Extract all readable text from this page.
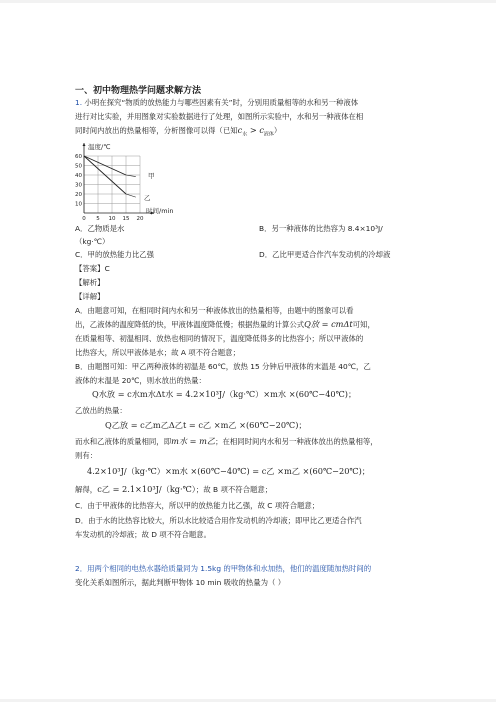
一、初中物理热学问题求解方法
1. 小明在探究“物质的放热能力与哪些因素有关”时，分别用质量相等的水和另一种液体
进行对比实验，并用图象对实验数据进行了处理，如图所示实验中，水和另一种液体在相
同时间内放出的热量相等，分析图像可以得（已知$c_水 > c_{液体}$）
60
50
40
30
20
10
0 5 10 15 20
温度/℃
时间/min
甲
乙
A．乙物质是水	B．另一种液体的比热容为 8.4×10³J/
（kg·℃）
C．甲的放热能力比乙强	D．乙比甲更适合作汽车发动机的冷却液
【答案】C
【解析】
【详解】
A．由题意可知，在相同时间内水和另一种液体放出的热量相等，由题中的图象可以看
出，乙液体的温度降低的快，甲液体温度降低慢；根据热量的计算公式Q放 = cmΔt可知，
在质量相等、初温相同、放热也相同的情况下，温度降低得多的比热容小；所以甲液体的
比热容大，所以甲液体是水；故 A 项不符合题意；
B．由题图可知：甲乙两种液体的初温是 60℃，放热 15 分钟后甲液体的末温是 40℃，乙
液体的末温是 20℃，则水放出的热量：
Q水放 = c水m水Δt水 = 4.2×10³J/（kg·℃）×m水 ×(60℃−40℃)；
乙放出的热量：
Q乙放 = c乙m乙Δ乙t = c乙 ×m乙 ×(60℃−20℃)；
而水和乙液体的质量相同，即m水 = m乙；在相同时间内水和另一种液体放出的热量相等，
则有：
4.2×10³J/（kg·℃）×m水 ×(60℃−40℃) = c乙 ×m乙 ×(60℃−20℃)；
解得，c乙 = 2.1×10³J/（kg·℃）；故 B 项不符合题意；
C．由于甲液体的比热容大，所以甲的放热能力比乙强，故 C 项符合题意；
D．由于水的比热容比较大，所以水比较适合用作发动机的冷却液；即甲比乙更适合作汽
车发动机的冷却液；故 D 项不符合题意。
2．用两个相同的电热水器给质量同为 1.5kg 的甲物体和水加热，他们的温度随加热时间的
变化关系如图所示，据此判断甲物体 10 min 吸收的热量为（ ）
